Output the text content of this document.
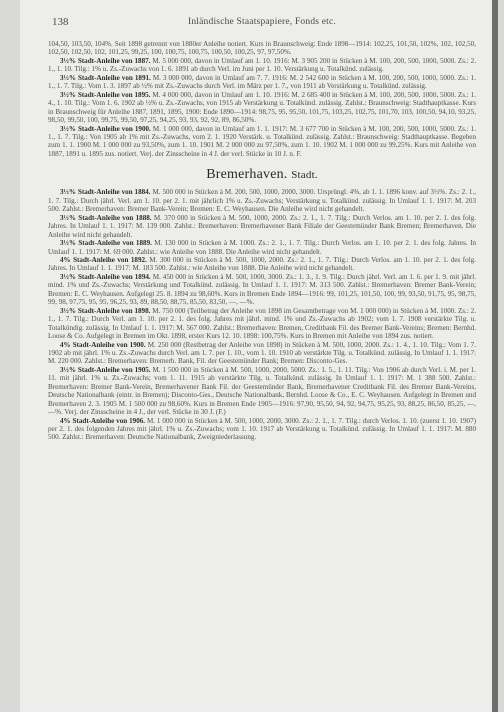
138	Inländische Staatspapiere, Fonds etc.

104,50, 103,50, 104%. Seit 1898 getrennt von 1880er Anleihe notiert. Kurs in Braunschweig: Ende 1898—1914: 102,25, 101,50, 102%, 102, 102,50, 102,50, 102,50, 102, 101,25, 99,25, 100, 100,75, 100,75, 100,50, 100,25, 97, 97,50%.

3½% Stadt-Anleihe von 1887. M. 5 000 000, davon in Umlauf am 1. 10. 1916: M. 3 905 200 in Stücken à M. 100, 200, 500, 1000, 5000. Zs.: 2. 1., 1. 10. Tilg.: 1% u. Zs.-Zuwachs von 1. 6. 1891 ab durch Verl. im Juni per 1. 10. Verstärkung u. Totalkünd. zulässig.

3½% Stadt-Anleihe von 1891. M. 3 000 000, davon in Umlauf am 7. 7. 1916: M. 2 542 600 in Stücken à M. 100, 200, 500, 1000, 5000. Zs.: 1. 1., 1. 7. Tilg.: Vom 1. 3. 1897 ab ½% mit Zs.-Zuwachs durch Verl. im März per 1. 7., von 1911 ab Verstärkung u. Totalkünd. zulässig.

3½% Stadt-Anleihe von 1895. M. 4 000 000, davon in Umlauf am 1. 10. 1916: M. 2 685 400 in Stücken à M. 100, 200, 500, 1000, 5000. Zs.: 1. 4., 1. 10. Tilg.: Vom 1. 6. 1902 ab ½% u. Zs.-Zuwachs, von 1915 ab Verstärkung u. Totalkünd. zulässig. Zahlst.: Braunschweig: Stadthauptkasse. Kurs in Braunschweig für Anleihe 1887, 1891, 1895, 1900: Ende 1890—1914: 98,75, 95, 95,50, 101,75, 103,25, 102,75, 101,70, 103, 100,50, 94,10, 93,25, 98,50, 99,50, 100, 99,75, 99,50, 97,25, 94,25, 93, 93, 92, 92, 89, 86,50%.

3½% Stadt-Anleihe von 1900. M. 1 000 000, davon in Umlauf am 1. 1. 1917: M. 3 677 700 in Stücken à M. 100, 200, 500, 1000, 5000. Zs.: 1. 1., 1. 7. Tilg.: Von 1905 ab 1% mit Zs.-Zuwachs, vom 2. 1. 1920 Verstärk. u. Totalkünd. zulässig. Zahlst.: Braunschweig: Stadthauptkasse. Begeben zum 1. 1. 1900 M. 1 000 000 zu 93,50%, zum 1. 10. 1901 M. 2 000 000 zu 97,50%, zum 1. 10. 1902 M. 1 000 000 zu 99,25%. Kurs mit Anleihe von 1887, 1891 u. 1895 zus. notiert. Verj. der Zinsscheine in 4 J. der verl. Stücke in 10 J. n. F.

Bremerhaven. Stadt.

3½% Stadt-Anleihe von 1884. M. 500 000 in Stücken à M. 200, 500, 1000, 2000, 3000. Ursprüngl. 4%, ab 1. 1. 1896 konv. auf 3½%. Zs.: 2. 1., 1. 7. Tilg.: Durch jährl. Verl. am 1. 10. per 2. 1. mit jährlich 1% u. Zs.-Zuwachs; Verstärkung u. Totalkünd. zulässig. In Umlauf 1. 1. 1917: M. 203 500. Zahlst.: Bremerhaven: Bremer Bank-Verein; Bremen: E. C. Weyhausen. Die Anleihe wird nicht gehandelt.

3½% Stadt-Anleihe von 1888. M. 370 000 in Stücken à M. 500, 1000, 2000. Zs.: 2. 1., 1. 7. Tilg.: Durch Verlos. am 1. 10. per 2. 1. des folg. Jahres. In Umlauf 1. 1. 1917: M. 139 000. Zahlst.: Bremerhaven: Bremerhavener Bank Filiale der Geestemünder Bank Bremen; Bremerhaven. Die Anleihe wird nicht gehandelt.

3½% Stadt-Anleihe von 1889. M. 130 000 in Stücken à M. 1000. Zs.: 2. 1., 1. 7. Tilg.: Durch Verlos. am 1. 10. per 2. 1. des folg. Jahres. In Umlauf 1. 1. 1917: M. 69 000. Zahlst.: wie Anleihe von 1888. Die Anleihe wird nicht gehandelt.

4% Stadt-Anleihe von 1892. M. 300 000 in Stücken à M. 500, 1000, 2000. Zs.: 2. 1., 1. 7. Tilg.: Durch Verlos. am 1. 10. per 2. 1. des folg. Jahres. In Umlauf 1. 1. 1917: M. 183 500. Zahlst.: wie Anleihe von 1888. Die Anleihe wird nicht gehandelt.

3½% Stadt-Anleihe von 1894. M. 450 000 in Stücken à M. 500, 1000, 3000. Zs.: 1. 3., 1. 9. Tilg.: Durch jährl. Verl. am 1. 6. per 1. 9. mit jährl. mind. 1% und Zs.-Zuwachs; Verstärkung und Totalkünd. zulässig. In Umlauf 1. 1. 1917: M. 313 500. Zahlst.: Bremerhaven: Bremer Bank-Verein; Bremen: E. C. Weyhausen. Aufgelegt 25. 8. 1894 zu 98,60%. Kurs in Bremen Ende 1894—1916: 99, 101,25, 101,50, 100, 99, 93,50, 91,75, 95, 98,75, 99, 98, 97,75, 95, 95, 96,25, 93, 89, 88,50, 88,75, 85,50, 83,50, —, —%.

3½% Stadt-Anleihe von 1898. M. 750 000 (Teilbetrag der Anleihe von 1898 im Gesamtbetrage von M. 1 000 000) in Stücken à M. 1000. Zs.: 2. 1., 1. 7. Tilg.: Durch Verl. am 1. 10. per 2. 1. des folg. Jahres mit jährl. mind. 1% und Zs.-Zuwachs ab 1902; vom 1. 7. 1908 verstärkte Tilg. u. Totalkündig. zulässig. In Umlauf 1. 1. 1917: M. 567 000. Zahlst.: Bremerhaven: Bremen, Creditbank Fil. des Bremer Bank-Vereins; Bremen: Bernhd. Loose & Co. Aufgelegt in Bremen im Okt. 1898, erster Kurs 12. 10. 1898: 100,75%. Kurs in Bremen mit Anleihe von 1894 zus. notiert.

4% Stadt-Anleihe von 1900. M. 250 000 (Restbetrag der Anleihe von 1898) in Stücken à M. 500, 1000, 2000. Zs.: 1. 4., 1. 10. Tilg.: Vom 1. 7. 1902 ab mit jährl. 1% u. Zs.-Zuwachs durch Verl. am 1. 7. per 1. 10., vom 1. 10. 1910 ab verstärkte Tilg. u. Totalkünd. zulässig. In Umlauf 1. 1. 1917: M. 220 000. Zahlst.: Bremerhaven: Bremerh. Bank, Fil. der Geestemünder Bank; Bremen: Disconto-Ges.

3½% Stadt-Anleihe von 1905. M. 1 500 000 in Stücken à M. 500, 1000, 2000, 5000. Zs.: 1. 5., 1. 11. Tilg.: Von 1906 ab durch Verl. i. M. per 1. 11. mit jährl. 1% u. Zs.-Zuwachs; vom 1. 11. 1915 ab verstärkte Tilg. u. Totalkünd. zulässig. In Umlauf 1. 1. 1917: M. 1 388 500. Zahlst.: Bremerhaven: Bremer Bank-Verein, Bremerhavener Bank Fil. der Geestemünder Bank, Bremerhavener Creditbank Fil. des Bremer Bank-Vereins, Deutsche Nationalbank (eintr. in Bremen); Disconto-Ges., Deutsche Nationalbank, Bernhd. Loose & Co., E. C. Weyhausen. Aufgelegt in Bremen und Bremerhaven 2. 3. 1905 M. 1 500 000 zu 98,60%. Kurs in Bremen Ende 1905—1916: 97,90, 95,50, 94, 92, 94,75, 95,25, 93, 88,25, 86,50, 85,25, —, —%. Verj. der Zinsscheine in 4 J., der verl. Stücke in 30 J. (F.)

4% Stadt-Anleihe von 1906. M. 1 000 000 in Stücken à M. 500, 1000, 2000, 3000. Zs.: 2. 1., 1. 7. Tilg.: durch Verlos. 1. 10. (zuerst 1. 10. 1907) per 2. 1. des folgenden Jahres mit jährl. 1% u. Zs.-Zuwachs; vom 1. 10. 1917 ab Verstärkung u. Totalkünd. zulässig. In Umlauf 1. 1. 1917: M. 880 500. Zahlst.: Bremerhaven: Deutsche Nationalbank, Zweigniederlassung.
